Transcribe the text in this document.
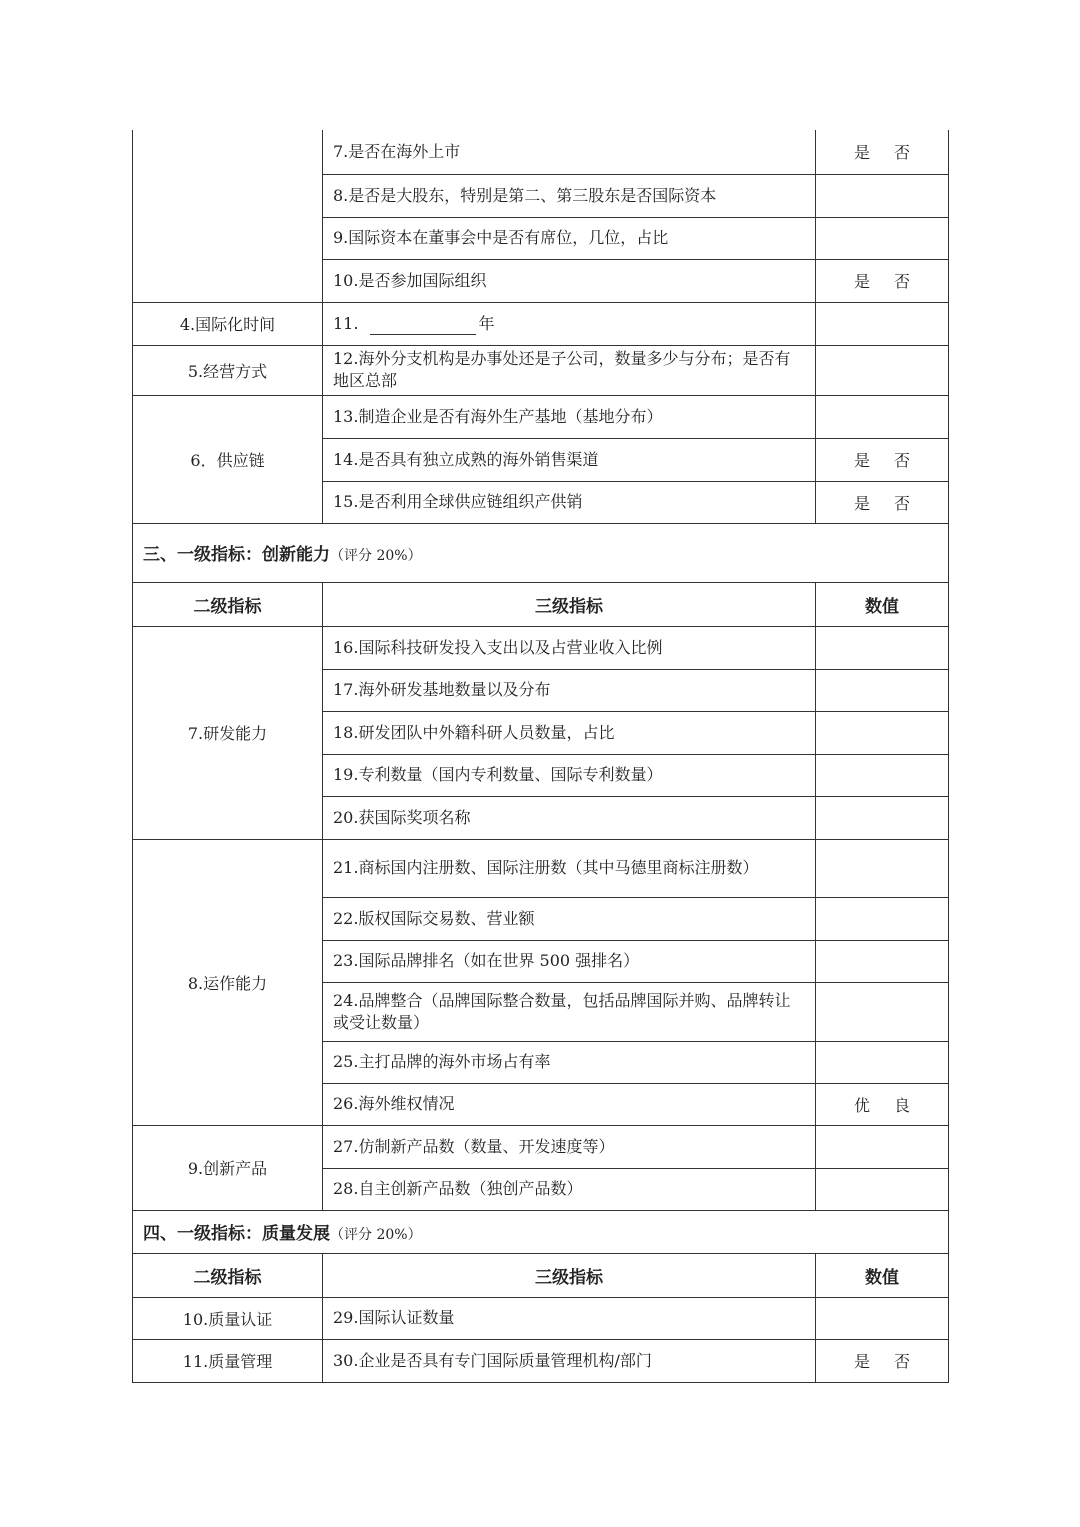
	7.是否在海外上市	是 否
	8.是否是大股东，特别是第二、第三股东是否国际资本	
	9.国际资本在董事会中是否有席位，几位，占比	
	10.是否参加国际组织	是 否
4.国际化时间	11. 年	
5.经营方式	12.海外分支机构是办事处还是子公司，数量多少与分布；是否有地区总部	
6．供应链	13.制造企业是否有海外生产基地（基地分布）	
	14.是否具有独立成熟的海外销售渠道	是 否
	15.是否利用全球供应链组织产供销	是 否
三、一级指标：创新能力（评分 20%）		
二级指标	三级指标	数值
7.研发能力	16.国际科技研发投入支出以及占营业收入比例	
	17.海外研发基地数量以及分布	
	18.研发团队中外籍科研人员数量，占比	
	19.专利数量（国内专利数量、国际专利数量）	
	20.获国际奖项名称	
8.运作能力	21.商标国内注册数、国际注册数（其中马德里商标注册数）	
	22.版权国际交易数、营业额	
	23.国际品牌排名（如在世界 500 强排名）	
	24.品牌整合（品牌国际整合数量，包括品牌国际并购、品牌转让或受让数量）	
	25.主打品牌的海外市场占有率	
	26.海外维权情况	优 良
9.创新产品	27.仿制新产品数（数量、开发速度等）	
	28.自主创新产品数（独创产品数）	
四、一级指标：质量发展（评分 20%）		
二级指标	三级指标	数值
10.质量认证	29.国际认证数量	
11.质量管理	30.企业是否具有专门国际质量管理机构/部门	是 否
